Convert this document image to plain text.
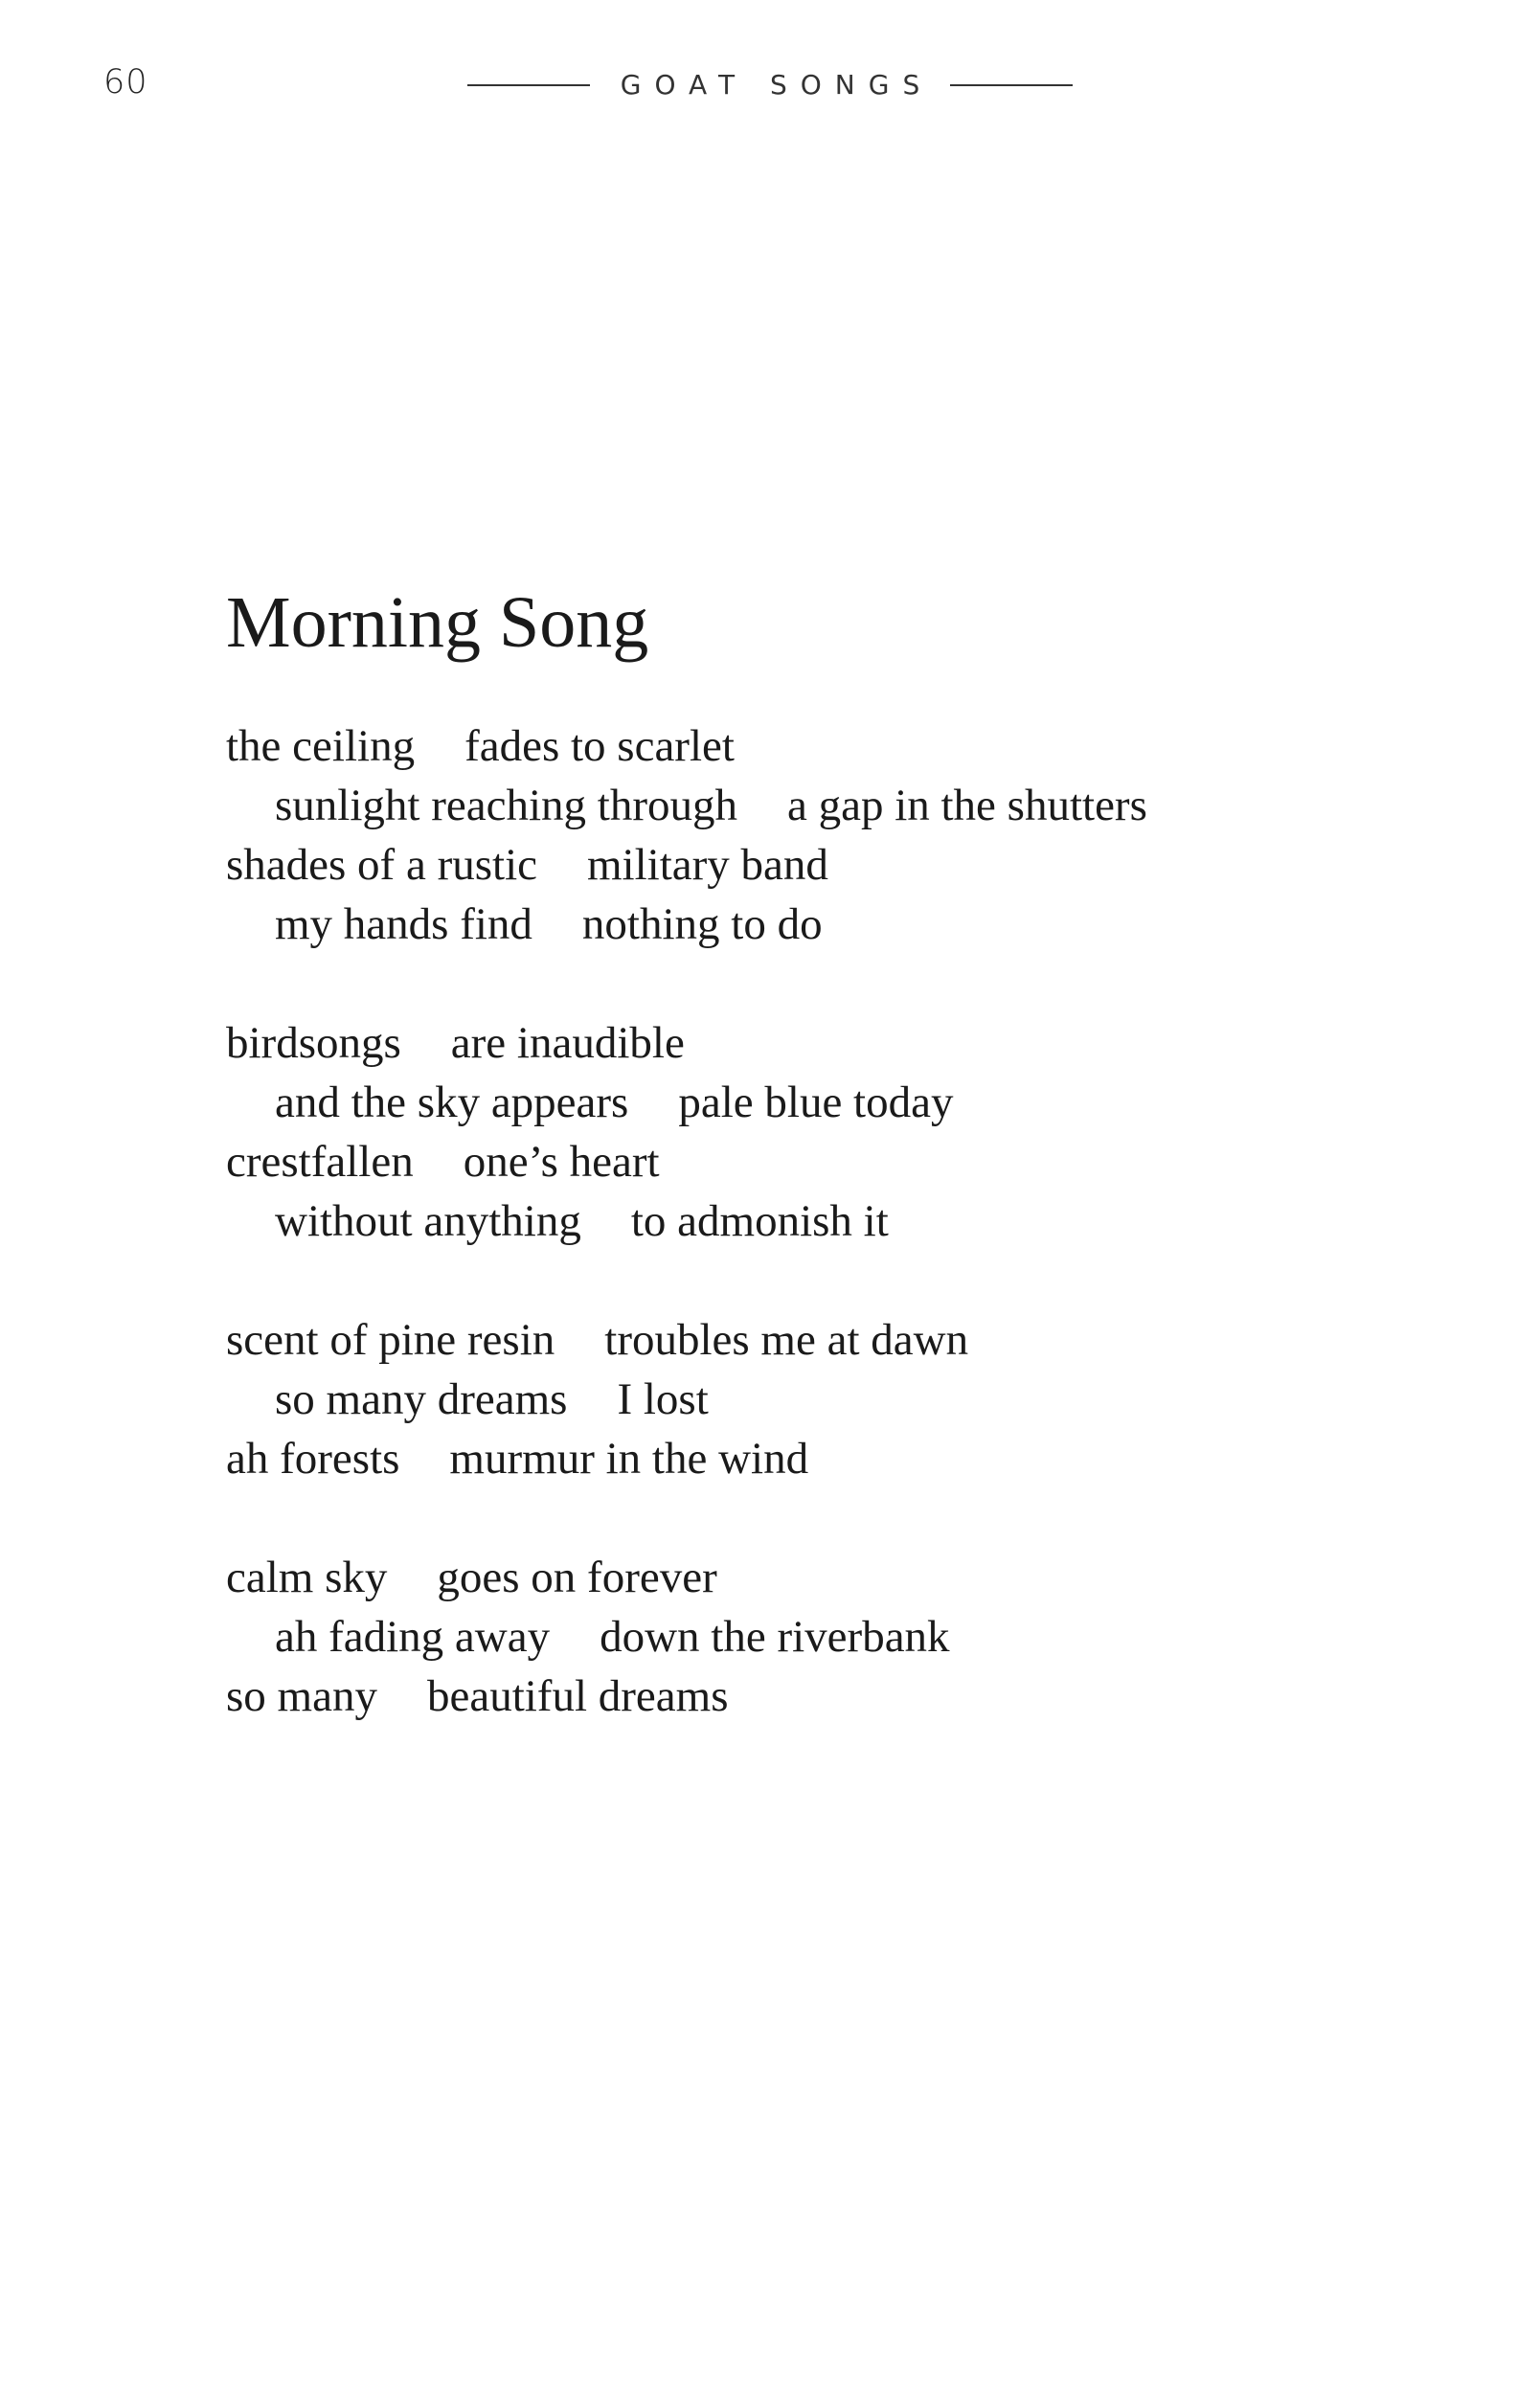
60	GOAT SONGS
Morning Song
the ceiling fades to scarlet
sunlight reaching through a gap in the shutters
shades of a rustic military band
my hands find nothing to do
birdsongs are inaudible
and the sky appears pale blue today
crestfallen one’s heart
without anything to admonish it
scent of pine resin troubles me at dawn
so many dreams I lost
ah forests murmur in the wind
calm sky goes on forever
ah fading away down the riverbank
so many beautiful dreams
